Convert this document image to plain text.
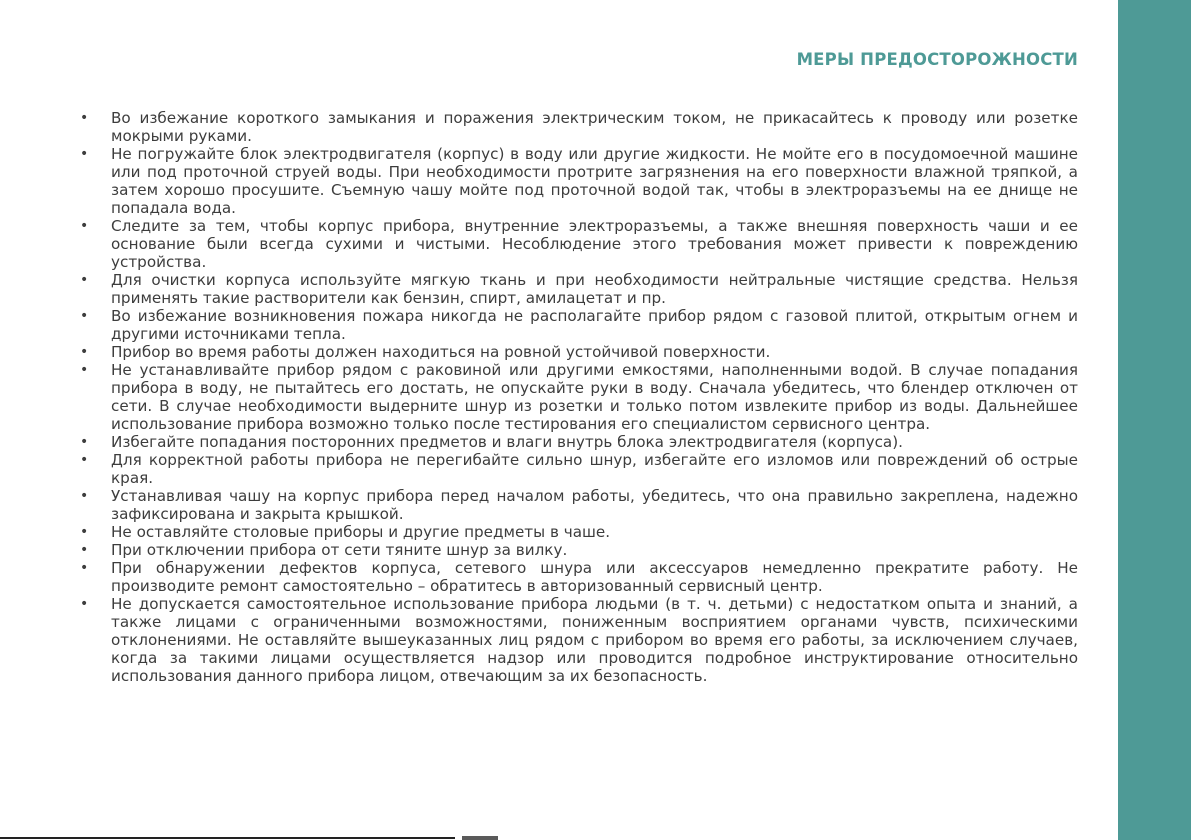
МЕРЫ ПРЕДОСТОРОЖНОСТИ
• Во избежание короткого замыкания и поражения электрическим током, не прикасайтесь к проводу или розетке мокрыми руками.
• Не погружайте блок электродвигателя (корпус) в воду или другие жидкости. Не мойте его в посудомоечной машине или под проточной струей воды. При необходимости протрите загрязнения на его поверхности влажной тряпкой, а затем хорошо просушите. Съемную чашу мойте под проточной водой так, чтобы в электроразъемы на ее днище не попадала вода.
• Следите за тем, чтобы корпус прибора, внутренние электроразъемы, а также внешняя поверхность чаши и ее основание были всегда сухими и чистыми. Несоблюдение этого требования может привести к повреждению устройства.
• Для очистки корпуса используйте мягкую ткань и при необходимости нейтральные чистящие средства. Нельзя применять такие растворители как бензин, спирт, амилацетат и пр.
• Во избежание возникновения пожара никогда не располагайте прибор рядом с газовой плитой, открытым огнем и другими источниками тепла.
• Прибор во время работы должен находиться на ровной устойчивой поверхности.
• Не устанавливайте прибор рядом с раковиной или другими емкостями, наполненными водой. В случае попадания прибора в воду, не пытайтесь его достать, не опускайте руки в воду. Сначала убедитесь, что блендер отключен от сети. В случае необходимости выдерните шнур из розетки и только потом извлеките прибор из воды. Дальнейшее использование прибора возможно только после тестирования его специалистом сервисного центра.
• Избегайте попадания посторонних предметов и влаги внутрь блока электродвигателя (корпуса).
• Для корректной работы прибора не перегибайте сильно шнур, избегайте его изломов или повреждений об острые края.
• Устанавливая чашу на корпус прибора перед началом работы, убедитесь, что она правильно закреплена, надежно зафиксирована и закрыта крышкой.
• Не оставляйте столовые приборы и другие предметы в чаше.
• При отключении прибора от сети тяните шнур за вилку.
• При обнаружении дефектов корпуса, сетевого шнура или аксессуаров немедленно прекратите работу. Не производите ремонт самостоятельно – обратитесь в авторизованный сервисный центр.
• Не допускается самостоятельное использование прибора людьми (в т. ч. детьми) с недостатком опыта и знаний, а также лицами с ограниченными возможностями, пониженным восприятием органами чувств, психическими отклонениями. Не оставляйте вышеуказанных лиц рядом с прибором во время его работы, за исключением случаев, когда за такими лицами осуществляется надзор или проводится подробное инструктирование относительно использования данного прибора лицом, отвечающим за их безопасность.
